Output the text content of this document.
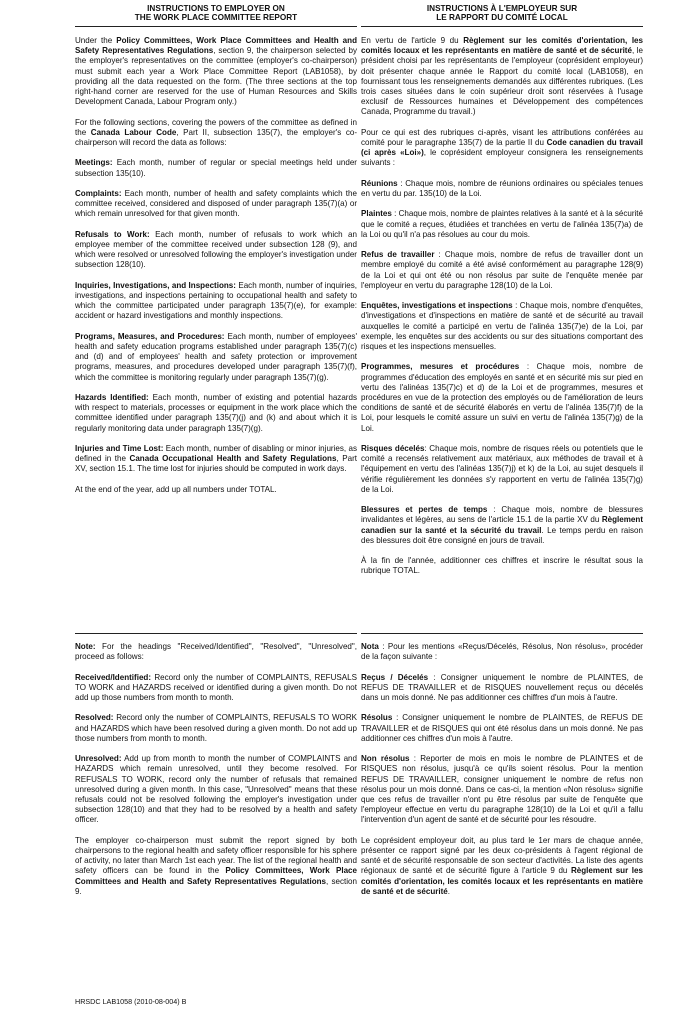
INSTRUCTIONS TO EMPLOYER ON
THE WORK PLACE COMMITTEE REPORT
INSTRUCTIONS À L'EMPLOYEUR SUR
LE RAPPORT DU COMITÉ LOCAL

Under the Policy Committees, Work Place Committees and Health and Safety Representatives Regulations, section 9, the chairperson selected by the employer's representatives on the committee (employer's co-chairperson) must submit each year a Work Place Committee Report (LAB1058), by providing all the data requested on the form. (The three sections at the top right-hand corner are reserved for the use of Human Resources and Skills Development Canada, Labour Program only.)

For the following sections, covering the powers of the committee as defined in the Canada Labour Code, Part II, subsection 135(7), the employer's co-chairperson will record the data as follows:

Meetings: Each month, number of regular or special meetings held under subsection 135(10).

Complaints: Each month, number of health and safety complaints which the committee received, considered and disposed of under paragraph 135(7)(a) or which remain unresolved for that given month.

Refusals to Work: Each month, number of refusals to work which an employee member of the committee received under subsection 128 (9), and which were resolved or unresolved following the employer's investigation under subsection 128(10).

Inquiries, Investigations, and Inspections: Each month, number of inquiries, investigations, and inspections pertaining to occupational health and safety to which the committee participated under paragraph 135(7)(e), for example: accident or hazard investigations and monthly inspections.

Programs, Measures, and Procedures: Each month, number of employees' health and safety education programs established under paragraph 135(7)(c) and (d) and of employees' health and safety protection or improvement programs, measures, and procedures developed under paragraph 135(7)(f), which the committee is monitoring regularly under paragraph 135(7)(g).

Hazards Identified: Each month, number of existing and potential hazards with respect to materials, processes or equipment in the work place which the committee identified under paragraph 135(7)(j) and (k) and about which it is regularly monitoring data under paragraph 135(7)(g).

Injuries and Time Lost: Each month, number of disabling or minor injuries, as defined in the Canada Occupational Health and Safety Regulations, Part XV, section 15.1. The time lost for injuries should be computed in work days.

At the end of the year, add up all numbers under TOTAL.

En vertu de l'article 9 du Règlement sur les comités d'orientation, les comités locaux et les représentants en matière de santé et de sécurité, le président choisi par les représentants de l'employeur (coprésident employeur) doit présenter chaque année le Rapport du comité local (LAB1058), en fournissant tous les renseignements demandés aux différentes rubriques. (Les trois cases situées dans le coin supérieur droit sont réservées à l'usage exclusif de Ressources humaines et Développement des compétences Canada, Programme du travail.)

Pour ce qui est des rubriques ci-après, visant les attributions conférées au comité pour le paragraphe 135(7) de la partie II du Code canadien du travail (ci après «Loi»), le coprésident employeur consignera les renseignements suivants :

Réunions : Chaque mois, nombre de réunions ordinaires ou spéciales tenues en vertu du par. 135(10) de la Loi.

Plaintes : Chaque mois, nombre de plaintes relatives à la santé et à la sécurité que le comité a reçues, étudiées et tranchées en vertu de l'alinéa 135(7)a) de la Loi ou qu'il n'a pas résolues au cour du mois.

Refus de travailler : Chaque mois, nombre de refus de travailler dont un membre employé du comité a été avisé conformément au paragraphe 128(9) de la Loi et qui ont été ou non résolus par suite de l'enquête menée par l'employeur en vertu du paragraphe 128(10) de la Loi.

Enquêtes, investigations et inspections : Chaque mois, nombre d'enquêtes, d'investigations et d'inspections en matière de santé et de sécurité au travail auxquelles le comité a participé en vertu de l'alinéa 135(7)e) de la Loi, par exemple, les enquêtes sur des accidents ou sur des situations comportant des risques et les inspections mensuelles.

Programmes, mesures et procédures : Chaque mois, nombre de programmes d'éducation des employés en santé et en sécurité mis sur pied en vertu des l'alinéas 135(7)c) et d) de la Loi et de programmes, mesures et procédures en vue de la protection des employés ou de l'amélioration de leurs conditions de santé et de sécurité élaborés en vertu de l'alinéa 135(7)f) de la Loi, pour lesquels le comité assure un suivi en vertu de l'alinéa 135(7)g) de la Loi.

Risques décelés: Chaque mois, nombre de risques réels ou potentiels que le comité a recensés relativement aux matériaux, aux méthodes de travail et à l'équipement en vertu des l'alinéas 135(7)j) et k) de la Loi, au sujet desquels il vérifie régulièrement les données s'y rapportent en vertu de l'alinéa 135(7)g) de la Loi.

Blessures et pertes de temps : Chaque mois, nombre de blessures invalidantes et légères, au sens de l'article 15.1 de la partie XV du Règlement canadien sur la santé et la sécurité du travail. Le temps perdu en raison des blessures doit être consigné en jours de travail.

À la fin de l'année, additionner ces chiffres et inscrire le résultat sous la rubrique TOTAL.

Note: For the headings "Received/Identified", "Resolved", "Unresolved", proceed as follows:

Received/Identified: Record only the number of COMPLAINTS, REFUSALS TO WORK and HAZARDS received or identified during a given month. Do not add up those numbers from month to month.

Resolved: Record only the number of COMPLAINTS, REFUSALS TO WORK and HAZARDS which have been resolved during a given month. Do not add up those numbers from month to month.

Unresolved: Add up from month to month the number of COMPLAINTS and HAZARDS which remain unresolved, until they become resolved. For REFUSALS TO WORK, record only the number of refusals that remained unresolved during a given month. In this case, "Unresolved" means that these refusals could not be resolved following the employer's investigation under subsection 128(10) and that they had to be resolved by a health and safety officer.

The employer co-chairperson must submit the report signed by both chairpersons to the regional health and safety officer responsible for his sphere of activity, no later than March 1st each year. The list of the regional health and safety officers can be found in the Policy Committees, Work Place Committees and Health and Safety Representatives Regulations, section 9.

Nota : Pour les mentions «Reçus/Décelés, Résolus, Non résolus», procéder de la façon suivante :

Reçus / Décelés : Consigner uniquement le nombre de PLAINTES, de REFUS DE TRAVAILLER et de RISQUES nouvellement reçus ou décelés dans un mois donné. Ne pas additionner ces chiffres d'un mois à l'autre.

Résolus : Consigner uniquement le nombre de PLAINTES, de REFUS DE TRAVAILLER et de RISQUES qui ont été résolus dans un mois donné. Ne pas additionner ces chiffres d'un mois à l'autre.

Non résolus : Reporter de mois en mois le nombre de PLAINTES et de RISQUES non résolus, jusqu'à ce qu'ils soient résolus. Pour la mention REFUS DE TRAVAILLER, consigner uniquement le nombre de refus non résolus pour un mois donné. Dans ce cas-ci, la mention «Non résolus» signifie que ces refus de travailler n'ont pu être résolus par suite de l'enquête que l'employeur effectue en vertu du paragraphe 128(10) de la Loi et qu'il a fallu l'intervention d'un agent de santé et de sécurité pour les résoudre.

Le coprésident employeur doit, au plus tard le 1er mars de chaque année, présenter ce rapport signé par les deux co-présidents à l'agent régional de santé et de sécurité responsable de son secteur d'activités. La liste des agents régionaux de santé et de sécurité figure à l'article 9 du Règlement sur les comités d'orientation, les comités locaux et les représentants en matière de santé et de sécurité.

HRSDC LAB1058 (2010-08-004) B
